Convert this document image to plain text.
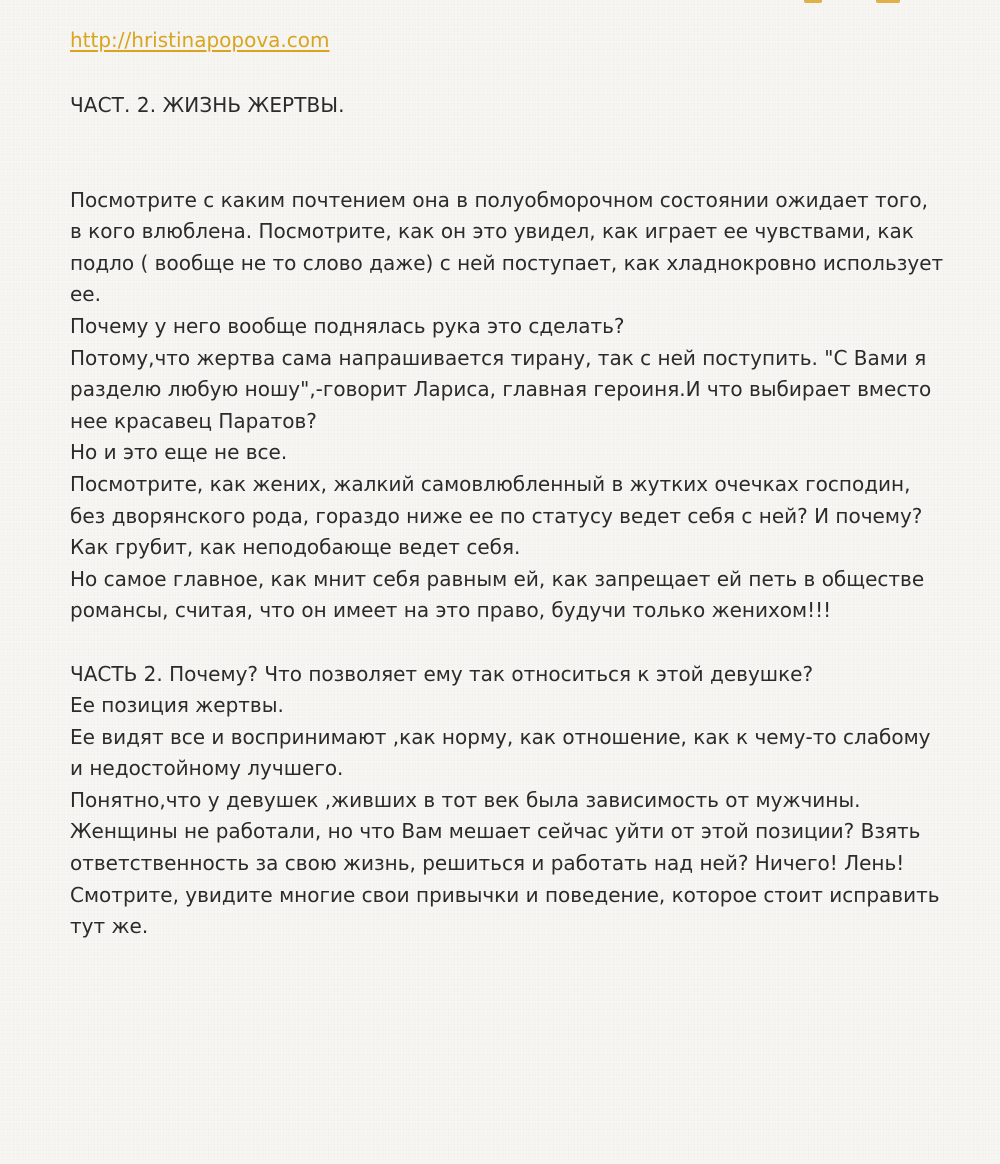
http://hristinapopova.com
ЧАСТ. 2. ЖИЗНЬ ЖЕРТВЫ.
Посмотрите с каким почтением она в полуобморочном состоянии ожидает того,
в кого влюблена. Посмотрите, как он это увидел, как играет ее чувствами, как
подло ( вообще не то слово даже) с ней поступает, как хладнокровно использует
ее.
Почему у него вообще поднялась рука это сделать?
Потому,что жертва сама напрашивается тирану, так с ней поступить. "С Вами я
разделю любую ношу",-говорит Лариса, главная героиня.И что выбирает вместо
нее красавец Паратов?
Но и это еще не все.
Посмотрите, как жених, жалкий самовлюбленный в жутких очечках господин,
без дворянского рода, гораздо ниже ее по статусу ведет себя с ней? И почему?
Как грубит, как неподобающе ведет себя.
Но самое главное, как мнит себя равным ей, как запрещает ей петь в обществе
романсы, считая, что он имеет на это право, будучи только женихом!!!
ЧАСТЬ 2. Почему? Что позволяет ему так относиться к этой девушке?
Ее позиция жертвы.
Ее видят все и воспринимают ,как норму, как отношение, как к чему-то слабому
и недостойному лучшего.
Понятно,что у девушек ,живших в тот век была зависимость от мужчины.
Женщины не работали, но что Вам мешает сейчас уйти от этой позиции? Взять
ответственность за свою жизнь, решиться и работать над ней? Ничего! Лень!
Смотрите, увидите многие свои привычки и поведение, которое стоит исправить
тут же.
